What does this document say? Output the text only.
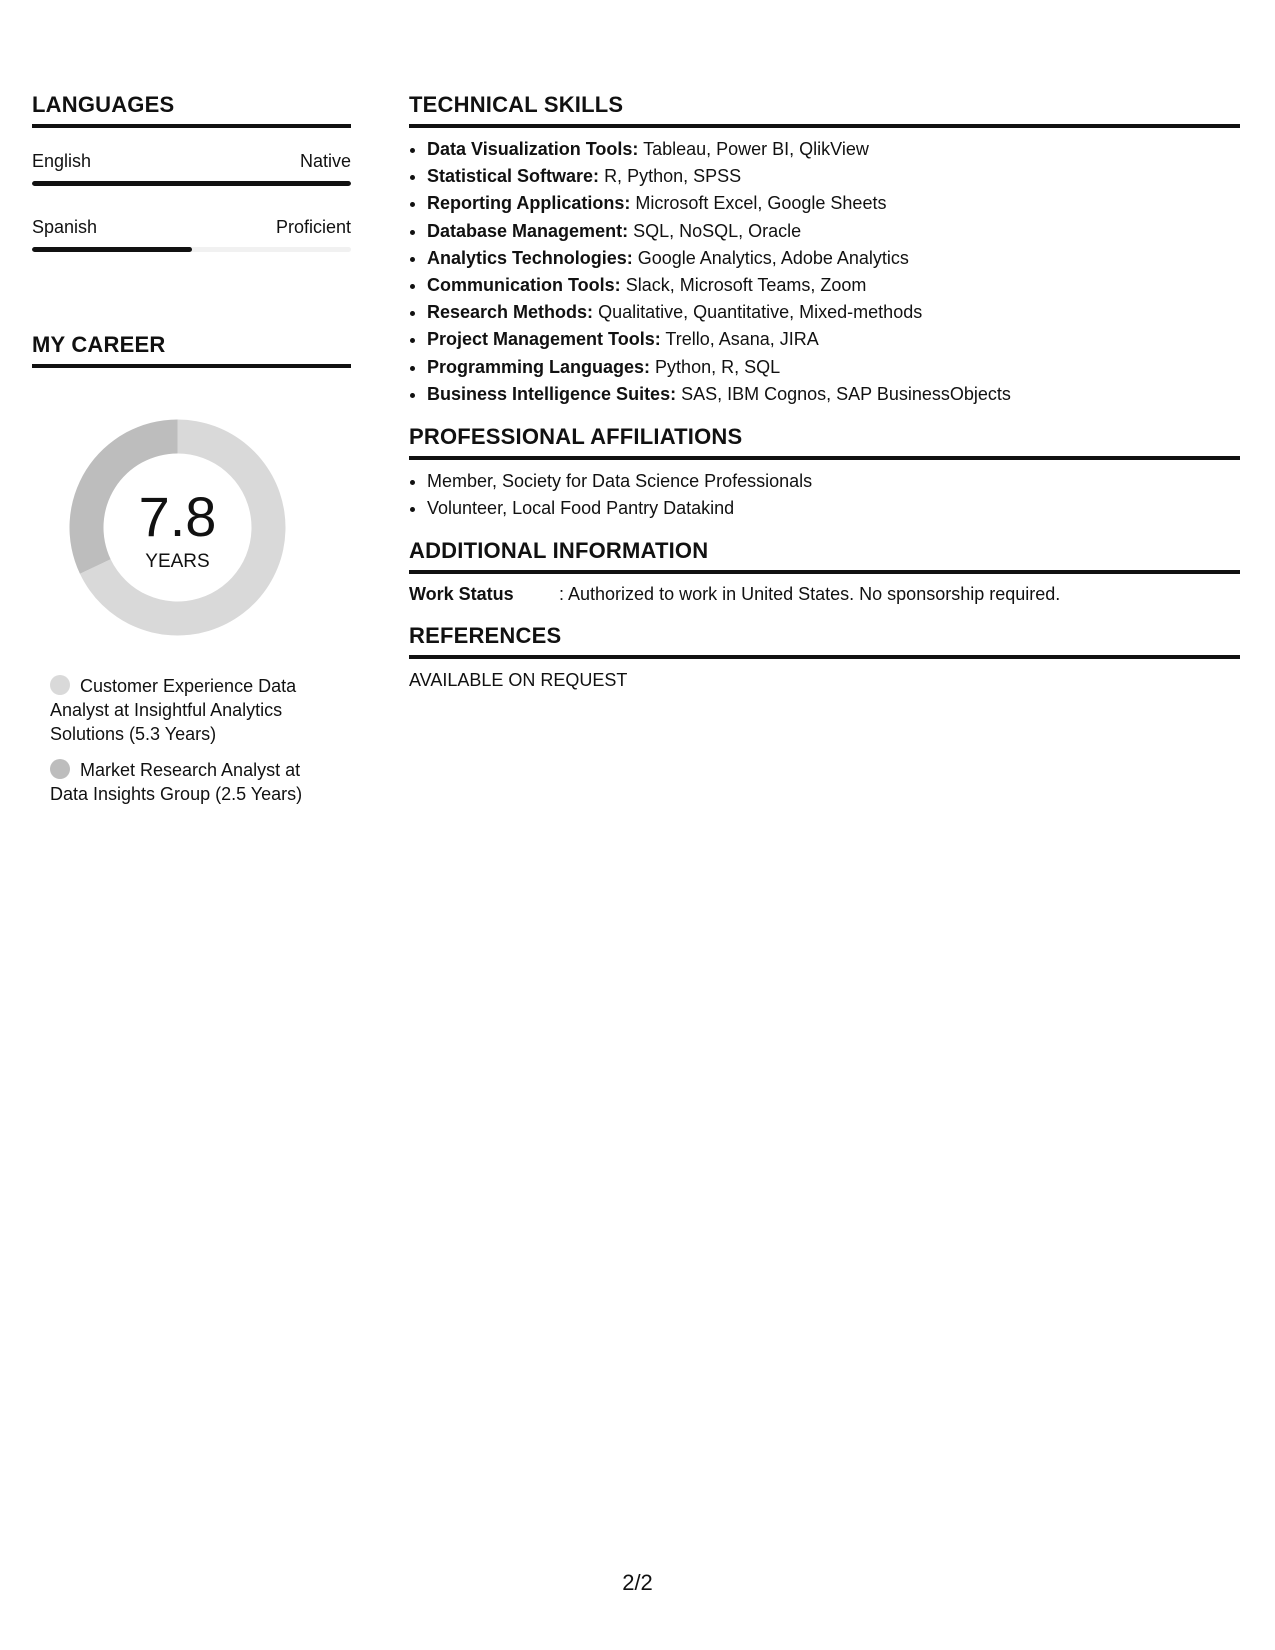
LANGUAGES
English	Native
Spanish	Proficient
MY CAREER
7.8
YEARS
Customer Experience Data Analyst at Insightful Analytics Solutions (5.3 Years)
Market Research Analyst at Data Insights Group (2.5 Years)
TECHNICAL SKILLS
• Data Visualization Tools: Tableau, Power BI, QlikView
• Statistical Software: R, Python, SPSS
• Reporting Applications: Microsoft Excel, Google Sheets
• Database Management: SQL, NoSQL, Oracle
• Analytics Technologies: Google Analytics, Adobe Analytics
• Communication Tools: Slack, Microsoft Teams, Zoom
• Research Methods: Qualitative, Quantitative, Mixed-methods
• Project Management Tools: Trello, Asana, JIRA
• Programming Languages: Python, R, SQL
• Business Intelligence Suites: SAS, IBM Cognos, SAP BusinessObjects
PROFESSIONAL AFFILIATIONS
• Member, Society for Data Science Professionals
• Volunteer, Local Food Pantry Datakind
ADDITIONAL INFORMATION
Work Status	: Authorized to work in United States. No sponsorship required.
REFERENCES
AVAILABLE ON REQUEST
2/2
